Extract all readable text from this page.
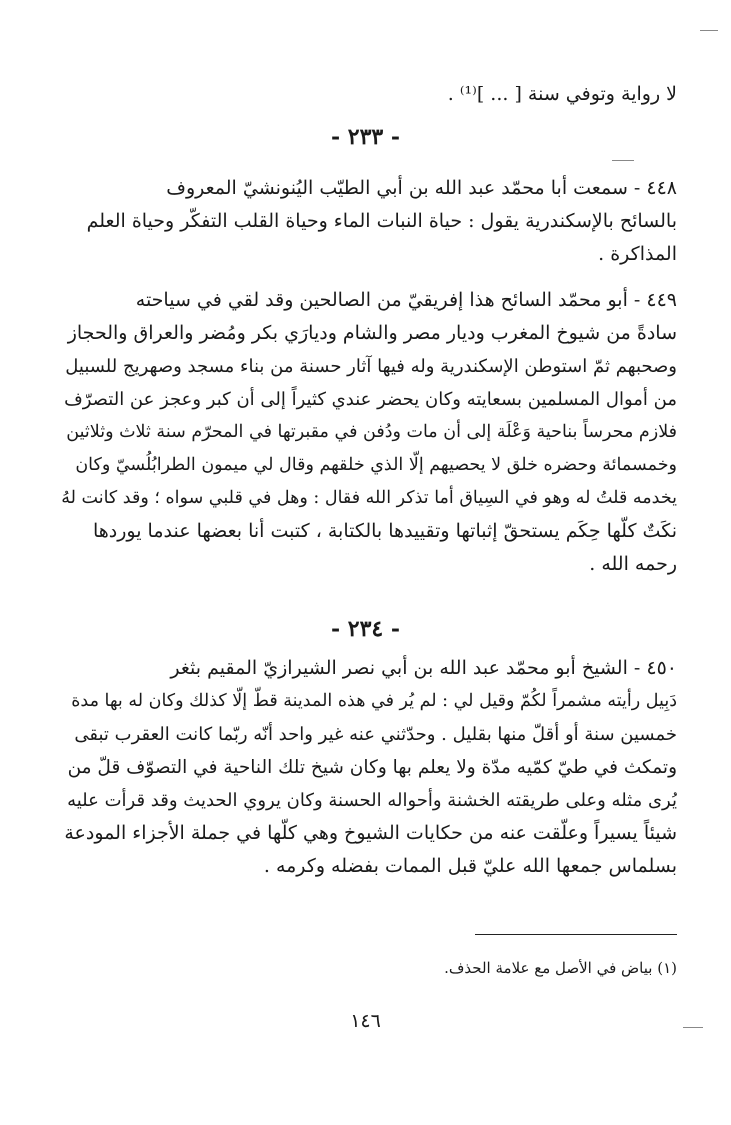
لا رواية وتوفي سنة [ ... ]⁽¹⁾ .
- ٢٣٣ -
٤٤٨ - سمعت أبا محمّد عبد الله بن أبي الطيّب اليُنونشيّ المعروف
بالسائح بالإسكندرية يقول : حياة النبات الماء وحياة القلب التفكّر وحياة العلم
المذاكرة .
٤٤٩ - أبو محمّد السائح هذا إفريقيّ من الصالحين وقد لقي في سياحته
سادةً من شيوخ المغرب وديار مصر والشام وديارَي بكر ومُضر والعراق والحجاز
وصحبهم ثمّ استوطن الإسكندرية وله فيها آثار حسنة من بناء مسجد وصهريج للسبيل
من أموال المسلمين بسعايته وكان يحضر عندي كثيراً إلى أن كبر وعجز عن التصرّف
فلازم محرساً بناحية وَعْلَة إلى أن مات ودُفن في مقبرتها في المحرّم سنة ثلاث وثلاثين
وخمسمائة وحضره خلق لا يحصيهم إلّا الذي خلقهم وقال لي ميمون الطرابُلُسيّ وكان
يخدمه قلتُ له وهو في السِياق أما تذكر الله فقال : وهل في قلبي سواه ؛ وقد كانت لهُ
نكَتٌ كلّها حِكَم يستحقّ إثباتها وتقييدها بالكتابة ، كتبت أنا بعضها عندما يوردها
رحمه الله .
- ٢٣٤ -
٤٥٠ - الشيخ أبو محمّد عبد الله بن أبي نصر الشيرازيّ المقيم بثغر
دَبِيل رأيته مشمراً لكُمّ وقيل لي : لم يُر في هذه المدينة قطّ إلّا كذلك وكان له بها مدة
خمسين سنة أو أقلّ منها بقليل . وحدّثني عنه غير واحد أنّه ربّما كانت العقرب تبقى
وتمكث في طيّ كمّيه مدّة ولا يعلم بها وكان شيخ تلك الناحية في التصوّف قلّ من
يُرى مثله وعلى طريقته الخشنة وأحواله الحسنة وكان يروي الحديث وقد قرأت عليه
شيئاً يسيراً وعلّقت عنه من حكايات الشيوخ وهي كلّها في جملة الأجزاء المودعة
بسلماس جمعها الله عليّ قبل الممات بفضله وكرمه .
(١) بياض في الأصل مع علامة الحذف.
١٤٦
